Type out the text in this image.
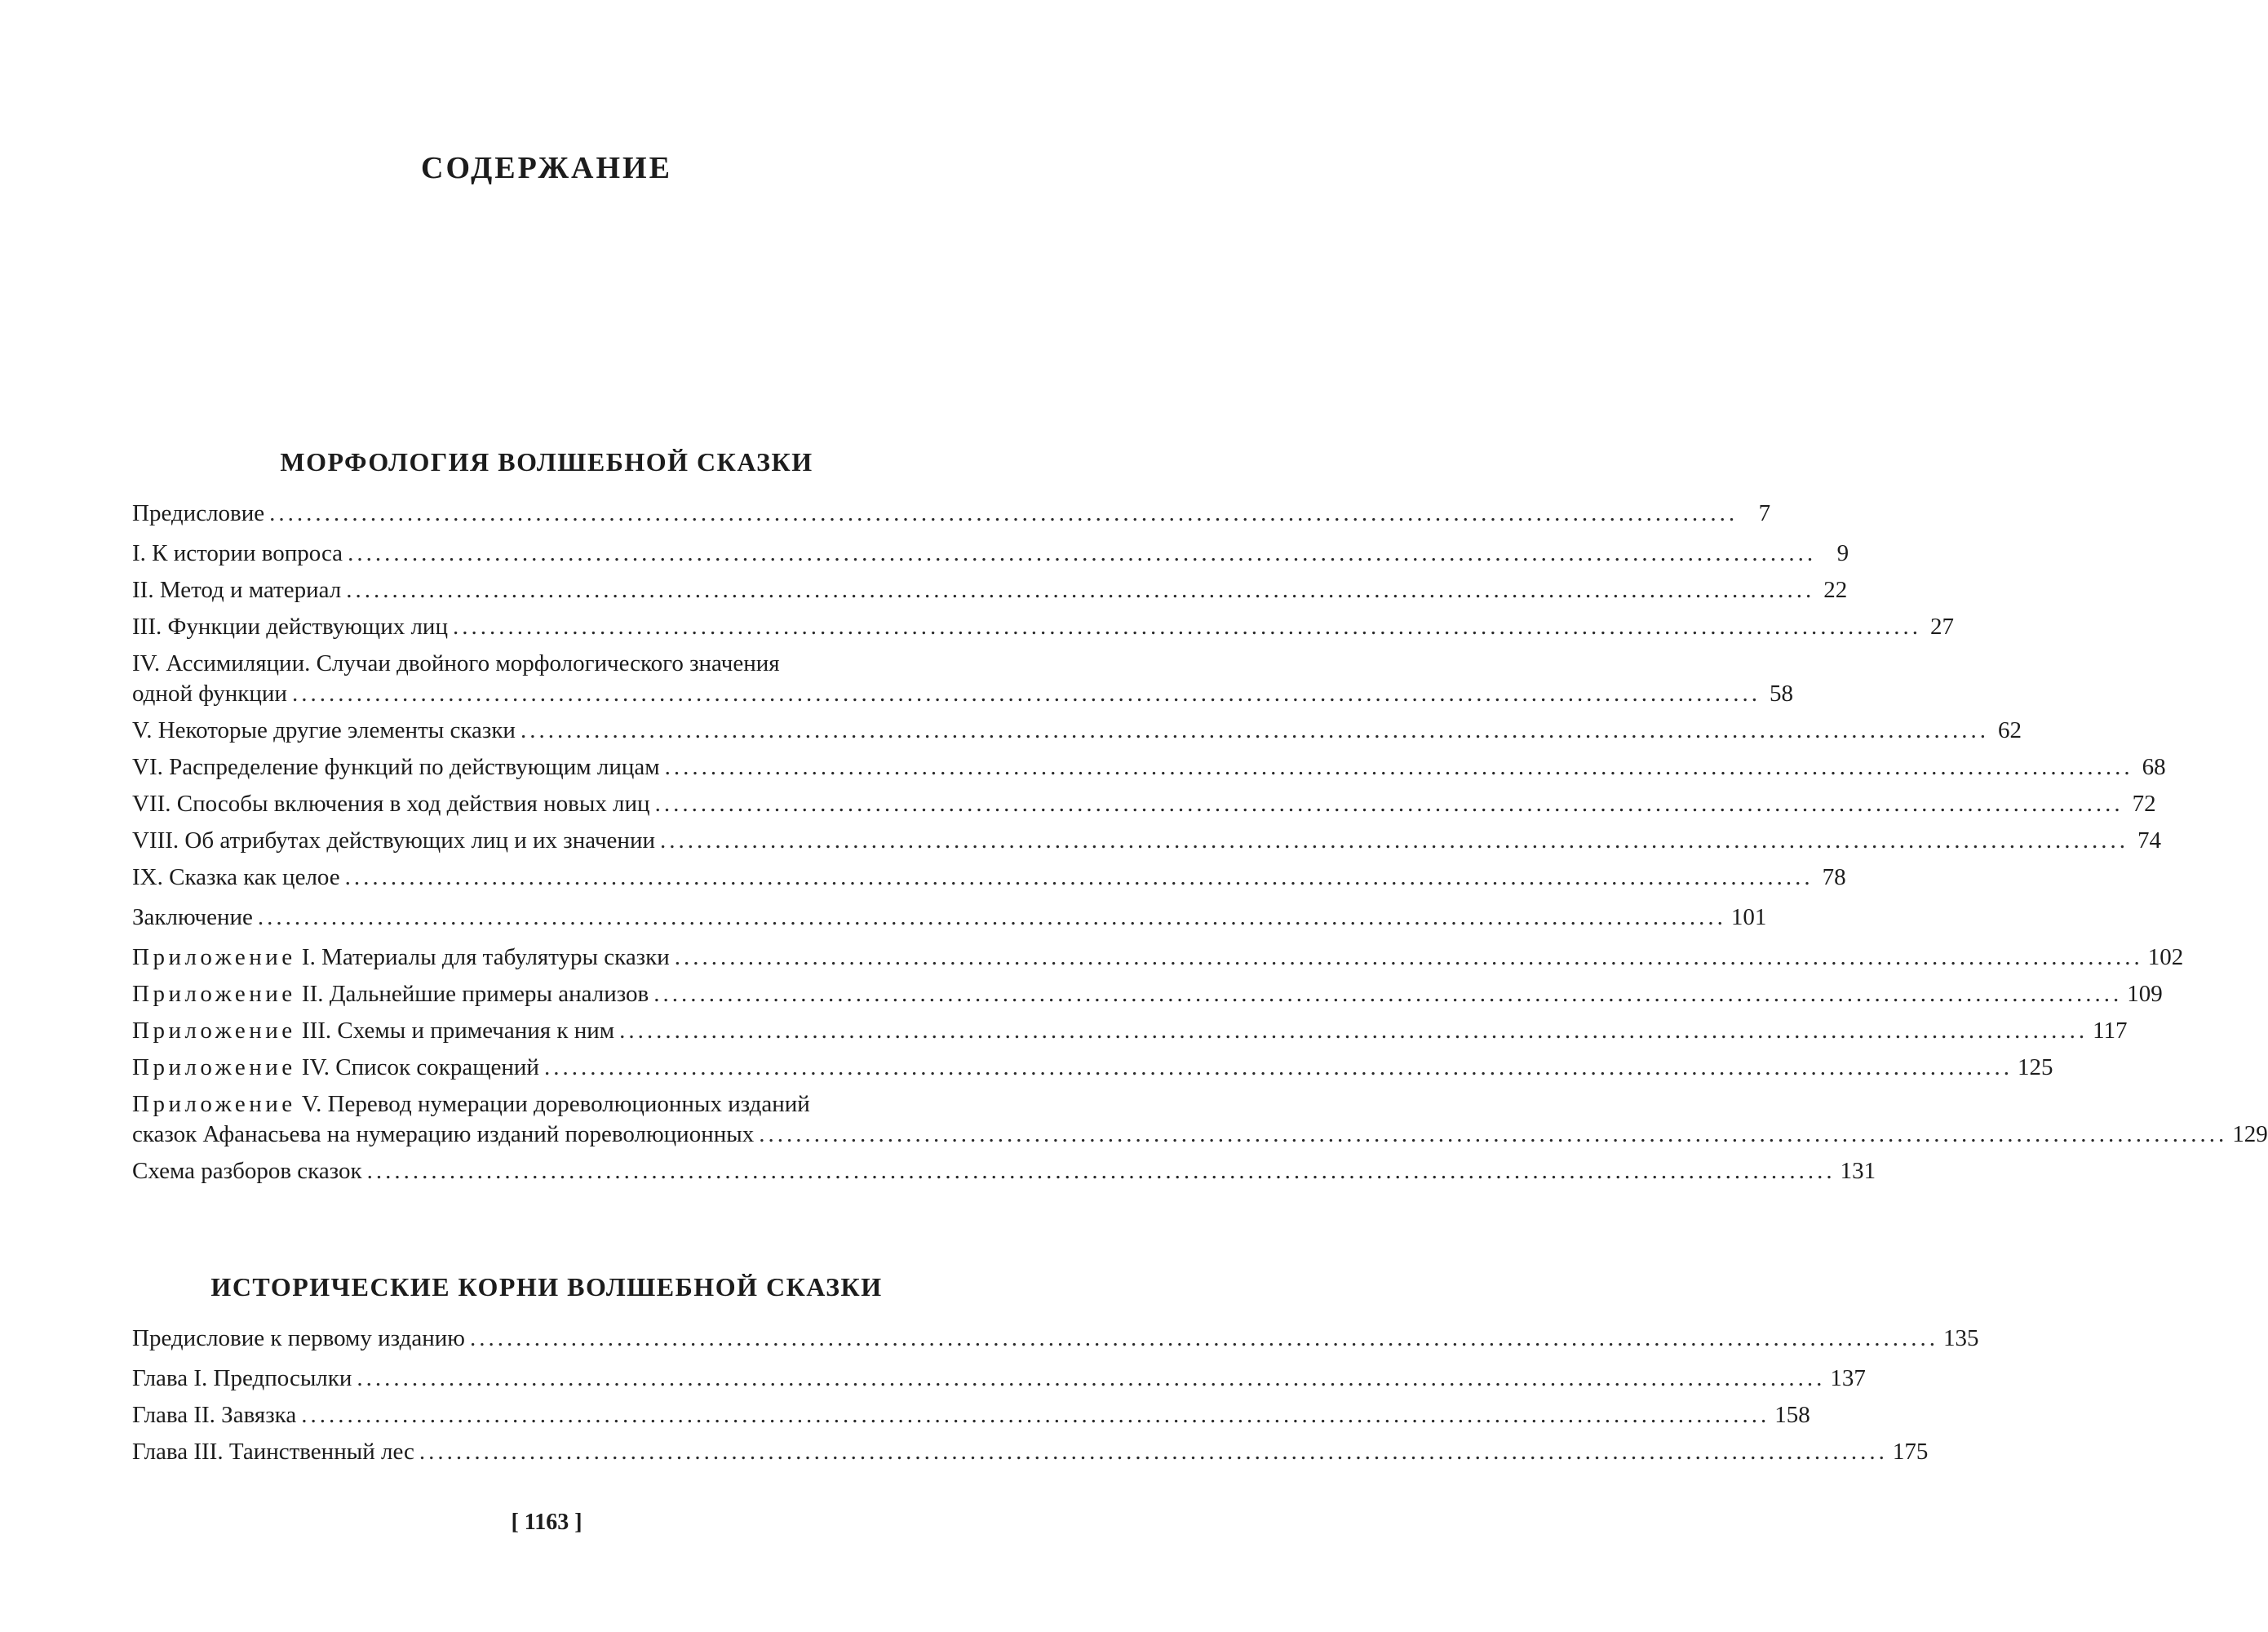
СОДЕРЖАНИЕ
МОРФОЛОГИЯ ВОЛШЕБНОЙ СКАЗКИ
Предисловие ................................................................................................................................................................ 7
I. К истории вопроса ................................................................................................................................................................ 9
II. Метод и материал ................................................................................................................................................................ 22
III. Функции действующих лиц ................................................................................................................................................................ 27
IV. Ассимиляции. Случаи двойного морфологического значения
одной функции ................................................................................................................................................................ 58
V. Некоторые другие элементы сказки ................................................................................................................................................................ 62
VI. Распределение функций по действующим лицам ................................................................................................................................................................ 68
VII. Способы включения в ход действия новых лиц ................................................................................................................................................................ 72
VIII. Об атрибутах действующих лиц и их значении ................................................................................................................................................................ 74
IX. Сказка как целое ................................................................................................................................................................ 78
Заключение ................................................................................................................................................................ 101
Приложение I. Материалы для табулятуры сказки ................................................................................................................................................................ 102
Приложение II. Дальнейшие примеры анализов ................................................................................................................................................................ 109
Приложение III. Схемы и примечания к ним ................................................................................................................................................................ 117
Приложение IV. Список сокращений ................................................................................................................................................................ 125
Приложение V. Перевод нумерации дореволюционных изданий
сказок Афанасьева на нумерацию изданий пореволюционных ................................................................................................................................................................ 129
Схема разборов сказок ................................................................................................................................................................ 131
ИСТОРИЧЕСКИЕ КОРНИ ВОЛШЕБНОЙ СКАЗКИ
Предисловие к первому изданию ................................................................................................................................................................ 135
Глава I. Предпосылки ................................................................................................................................................................ 137
Глава II. Завязка ................................................................................................................................................................ 158
Глава III. Таинственный лес ................................................................................................................................................................ 175
[ 1163 ]
